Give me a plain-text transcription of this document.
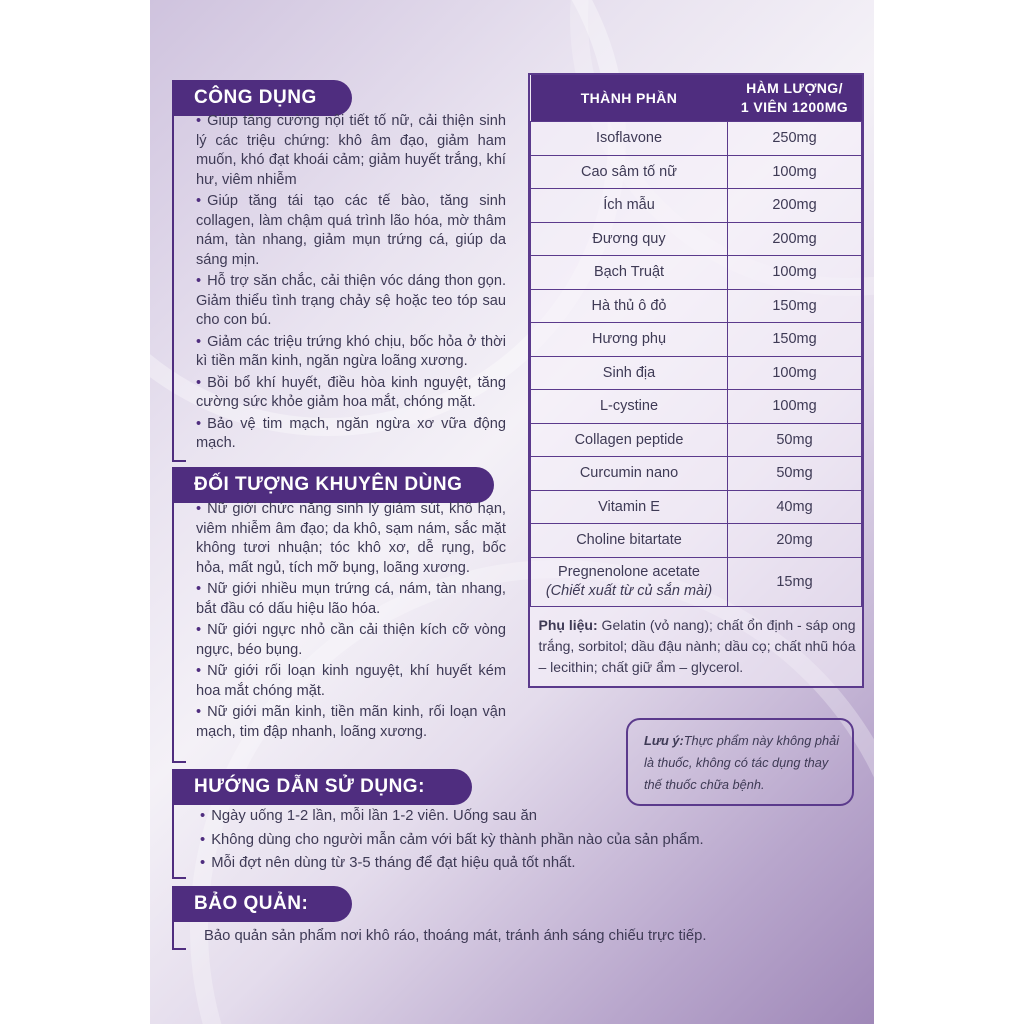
CÔNG DỤNG
• Giúp tăng cường nội tiết tố nữ, cải thiện sinh lý các triệu chứng: khô âm đạo, giảm ham muốn, khó đạt khoái cảm; giảm huyết trắng, khí hư, viêm nhiễm
• Giúp tăng tái tạo các tế bào, tăng sinh collagen, làm chậm quá trình lão hóa, mờ thâm nám, tàn nhang, giảm mụn trứng cá, giúp da sáng mịn.
• Hỗ trợ săn chắc, cải thiện vóc dáng thon gọn. Giảm thiểu tình trạng chảy sệ hoặc teo tóp sau cho con bú.
• Giảm các triệu trứng khó chịu, bốc hỏa ở thời kì tiền mãn kinh, ngăn ngừa loãng xương.
• Bồi bổ khí huyết, điều hòa kinh nguyệt, tăng cường sức khỏe giảm hoa mắt, chóng mặt.
• Bảo vệ tim mạch, ngăn ngừa xơ vữa động mạch.
ĐỐI TƯỢNG KHUYÊN DÙNG
• Nữ giới chức năng sinh lý giảm sút, khô hạn, viêm nhiễm âm đạo; da khô, sạm nám, sắc mặt không tươi nhuận; tóc khô xơ, dễ rụng, bốc hỏa, mất ngủ, tích mỡ bụng, loãng xương.
• Nữ giới nhiều mụn trứng cá, nám, tàn nhang, bắt đầu có dấu hiệu lão hóa.
• Nữ giới ngực nhỏ cần cải thiện kích cỡ vòng ngực, béo bụng.
• Nữ giới rối loạn kinh nguyệt, khí huyết kém hoa mắt chóng mặt.
• Nữ giới mãn kinh, tiền mãn kinh, rối loạn vận mạch, tim đập nhanh, loãng xương.
HƯỚNG DẪN SỬ DỤNG:
• Ngày uống 1-2 lần, mỗi lần 1-2 viên. Uống sau ăn
• Không dùng cho người mẫn cảm với bất kỳ thành phần nào của sản phẩm.
• Mỗi đợt nên dùng từ 3-5 tháng để đạt hiệu quả tốt nhất.
BẢO QUẢN:
Bảo quản sản phẩm nơi khô ráo, thoáng mát, tránh ánh sáng chiếu trực tiếp.
THÀNH PHẦN	HÀM LƯỢNG/
1 VIÊN 1200MG
Isoflavone	250mg
Cao sâm tố nữ	100mg
Ích mẫu	200mg
Đương quy	200mg
Bạch Truật	100mg
Hà thủ ô đỏ	150mg
Hương phụ	150mg
Sinh địa	100mg
L-cystine	100mg
Collagen peptide	50mg
Curcumin nano	50mg
Vitamin E	40mg
Choline bitartate	20mg
Pregnenolone acetate
(Chiết xuất từ củ sắn mài)	15mg
Phụ liệu: Gelatin (vỏ nang); chất ổn định - sáp ong trắng, sorbitol; dầu đậu nành; dầu cọ; chất nhũ hóa – lecithin; chất giữ ẩm – glycerol.	
Lưu ý:Thực phẩm này không phải là thuốc, không có tác dụng thay thế thuốc chữa bệnh.
